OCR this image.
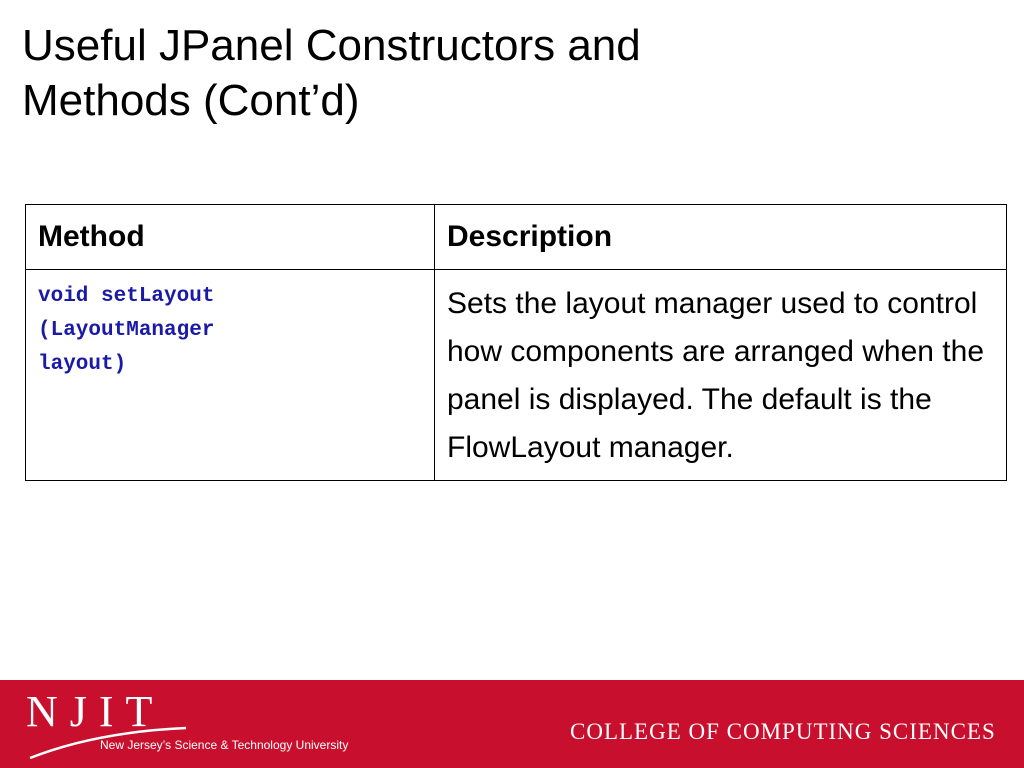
Useful JPanel Constructors and
Methods (Cont’d)
Method	Description

void setLayout
(LayoutManager
layout)	Sets the layout manager used to control how components are arranged when the panel is displayed. The default is the FlowLayout manager.
NJIT
New Jersey’s Science & Technology University
COLLEGE OF COMPUTING SCIENCES
